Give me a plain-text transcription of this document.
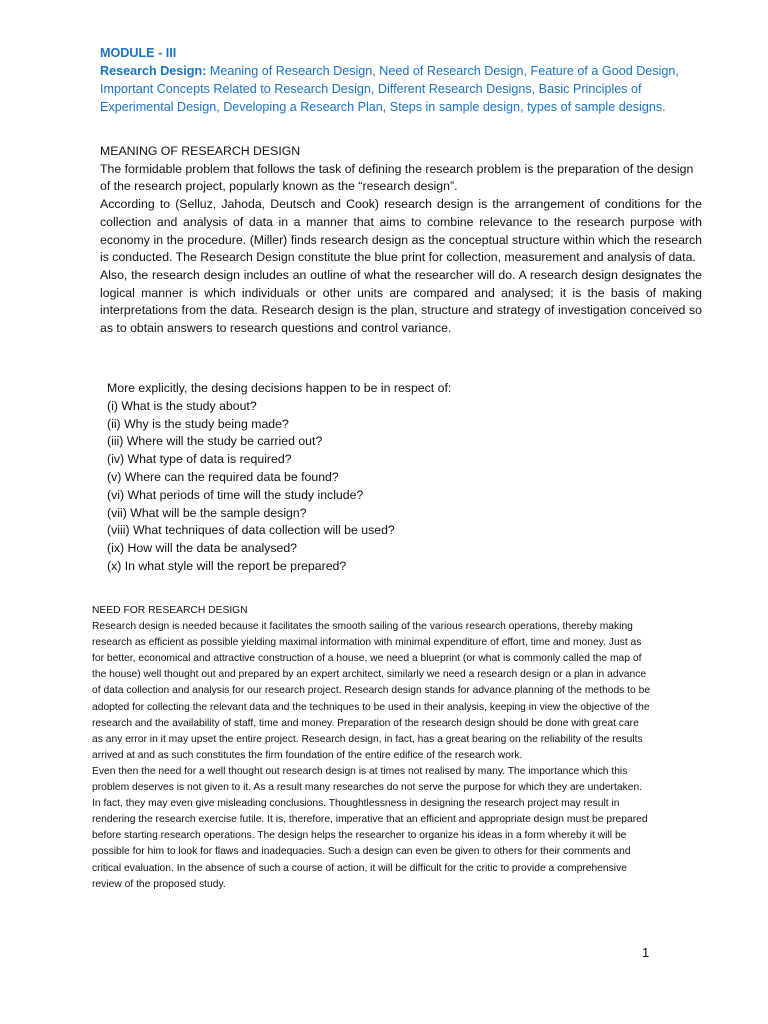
MODULE - III
Research Design: Meaning of Research Design, Need of Research Design, Feature of a Good Design, Important Concepts Related to Research Design, Different Research Designs, Basic Principles of Experimental Design, Developing a Research Plan, Steps in sample design, types of sample designs.

MEANING OF RESEARCH DESIGN

The formidable problem that follows the task of defining the research problem is the preparation of the design of the research project, popularly known as the “research design”.

According to (Selluz, Jahoda, Deutsch and Cook) research design is the arrangement of conditions for the collection and analysis of data in a manner that aims to combine relevance to the research purpose with economy in the procedure. (Miller) finds research design as the conceptual structure within which the research is conducted. The Research Design constitute the blue print for collection, measurement and analysis of data.

Also, the research design includes an outline of what the researcher will do. A research design designates the logical manner is which individuals or other units are compared and analysed; it is the basis of making interpretations from the data. Research design is the plan, structure and strategy of investigation conceived so as to obtain answers to research questions and control variance.

More explicitly, the desing decisions happen to be in respect of:
(i) What is the study about?
(ii) Why is the study being made?
(iii) Where will the study be carried out?
(iv) What type of data is required?
(v) Where can the required data be found?
(vi) What periods of time will the study include?
(vii) What will be the sample design?
(viii) What techniques of data collection will be used?
(ix) How will the data be analysed?
(x) In what style will the report be prepared?

NEED FOR RESEARCH DESIGN

Research design is needed because it facilitates the smooth sailing of the various research operations, thereby making research as efficient as possible yielding maximal information with minimal expenditure of effort, time and money. Just as for better, economical and attractive construction of a house, we need a blueprint (or what is commonly called the map of the house) well thought out and prepared by an expert architect, similarly we need a research design or a plan in advance of data collection and analysis for our research project. Research design stands for advance planning of the methods to be adopted for collecting the relevant data and the techniques to be used in their analysis, keeping in view the objective of the research and the availability of staff, time and money. Preparation of the research design should be done with great care as any error in it may upset the entire project. Research design, in fact, has a great bearing on the reliability of the results arrived at and as such constitutes the firm foundation of the entire edifice of the research work.

Even then the need for a well thought out research design is at times not realised by many. The importance which this problem deserves is not given to it. As a result many researches do not serve the purpose for which they are undertaken. In fact, they may even give misleading conclusions. Thoughtlessness in designing the research project may result in rendering the research exercise futile. It is, therefore, imperative that an efficient and appropriate design must be prepared before starting research operations. The design helps the researcher to organize his ideas in a form whereby it will be possible for him to look for flaws and inadequacies. Such a design can even be given to others for their comments and critical evaluation. In the absence of such a course of action, it will be difficult for the critic to provide a comprehensive review of the proposed study.

1
